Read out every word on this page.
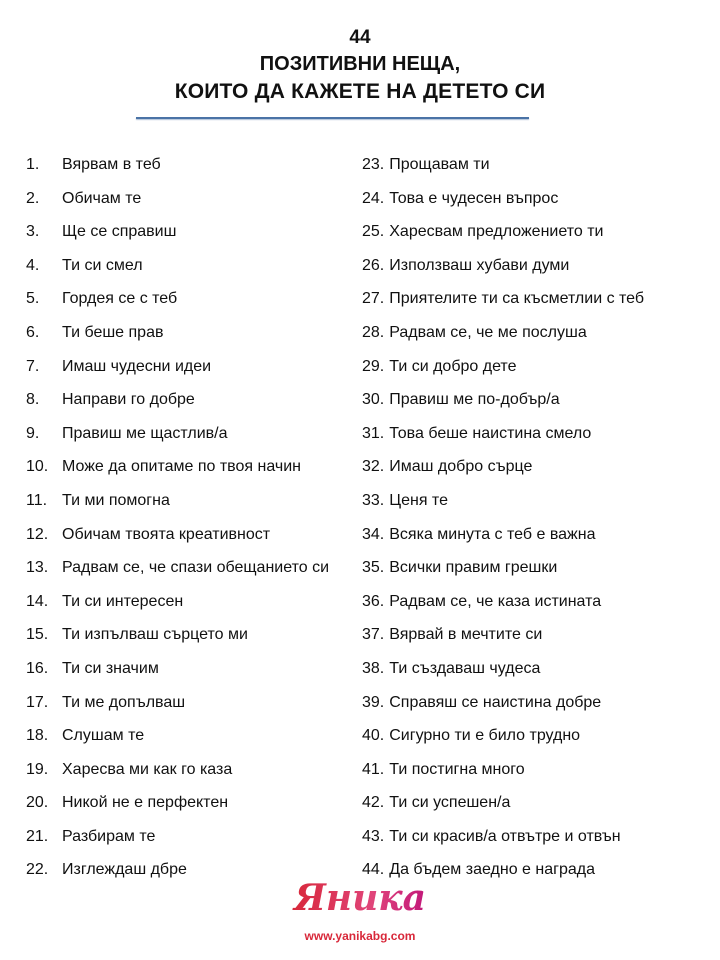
44
ПОЗИТИВНИ НЕЩА,
КОИТО ДА КАЖЕТЕ НА ДЕТЕТО СИ
1.	Вярвам в теб
2.	Обичам те
3.	Ще се справиш
4.	Ти си смел
5.	Гордея се с теб
6.	Ти беше прав
7.	Имаш чудесни идеи
8.	Направи го добре
9.	Правиш ме щастлив/а
10. Може да опитаме по твоя начин
11. Ти ми помогна
12. Обичам твоята креативност
13. Радвам се, че спази обещанието си
14. Ти си интересен
15. Ти изпълваш сърцето ми
16. Ти си значим
17. Ти ме допълваш
18. Слушам те
19. Харесва ми как го каза
20. Никой не е перфектен
21. Разбирам те
22. Изглеждаш дбре
23. Прощавам ти
24. Това е чудесен въпрос
25. Харесвам предложението ти
26. Използваш хубави думи
27. Приятелите ти са късметлии с теб
28. Радвам се, че ме послуша
29. Ти си добро дете
30. Правиш ме по-добър/а
31. Това беше наистина смело
32. Имаш добро сърце
33. Ценя те
34. Всяка минута с теб е важна
35. Всички правим грешки
36. Радвам се, че каза истината
37. Вярвай в мечтите си
38. Ти създаваш чудеса
39. Справяш се наистина добре
40. Сигурно ти е било трудно
41. Ти постигна много
42. Ти си успешен/а
43. Ти си красив/а отвътре и отвън
44. Да бъдем заедно е награда
Яника
www.yanikabg.com
